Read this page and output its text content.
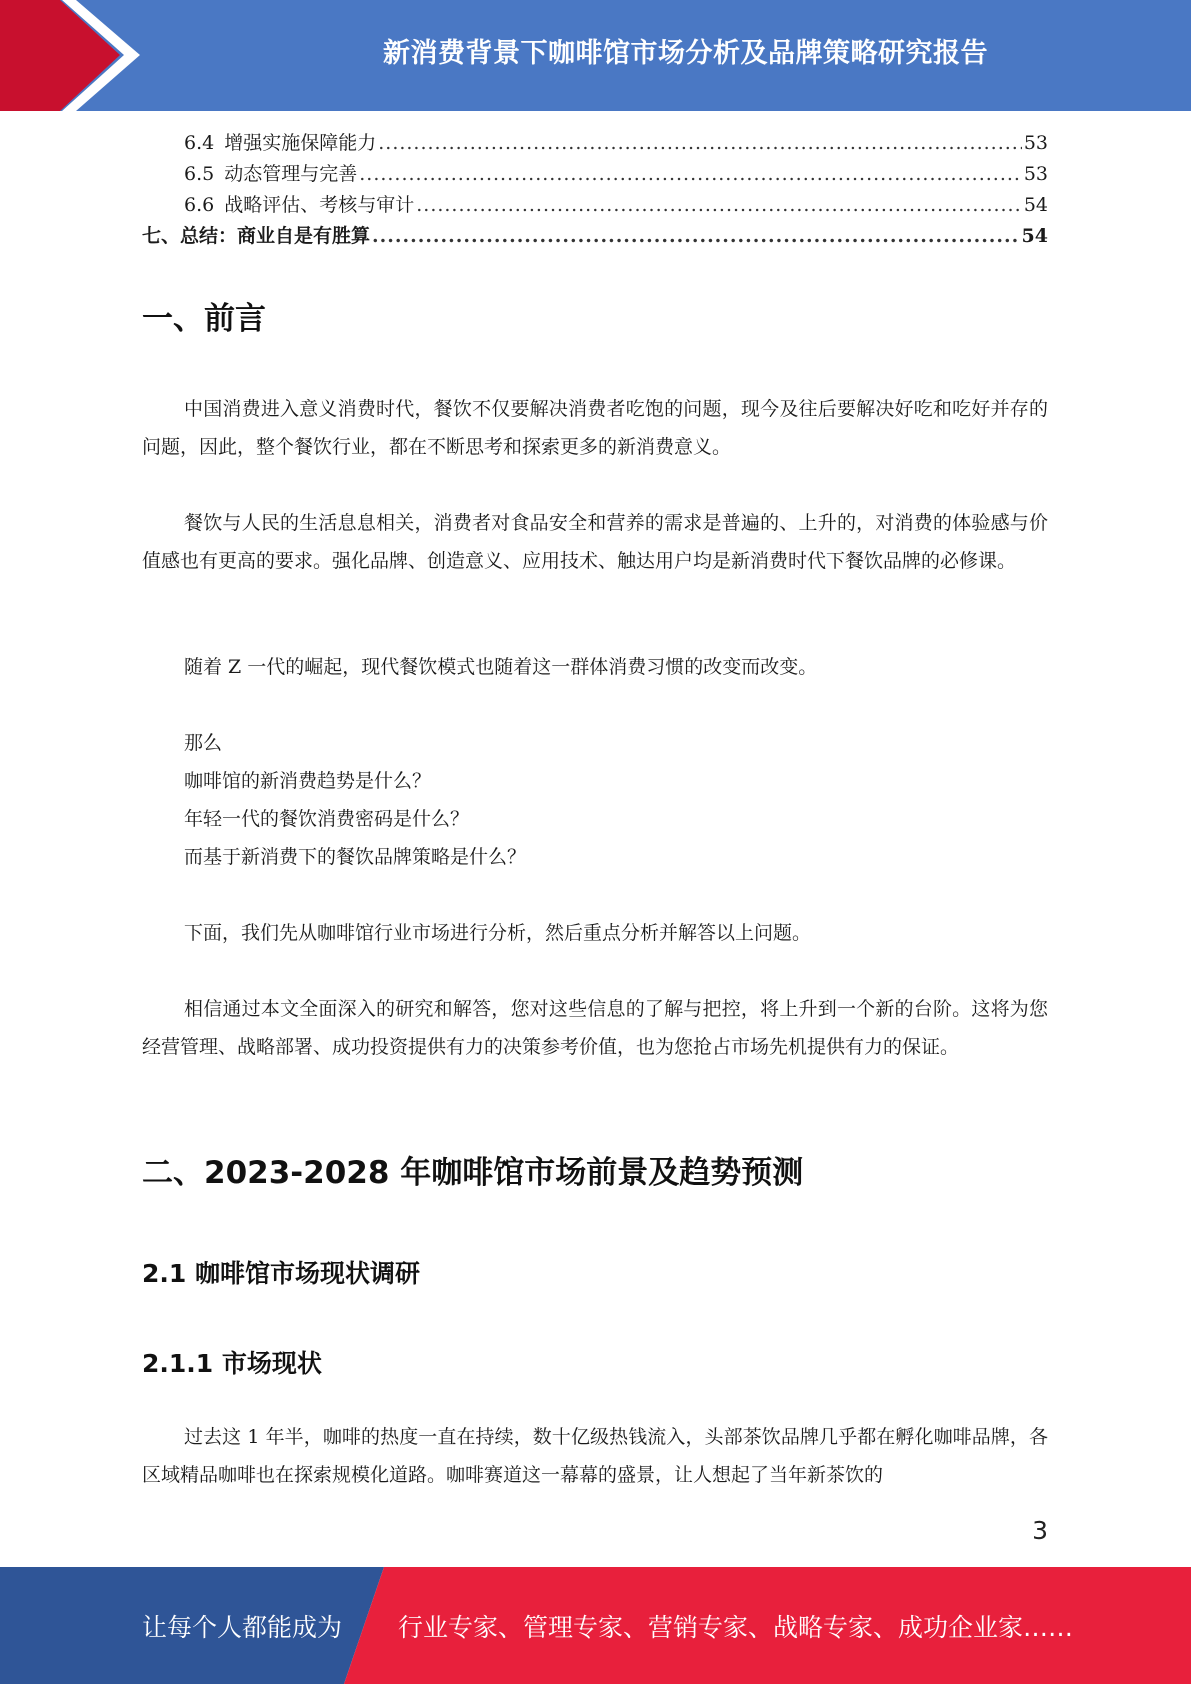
新消费背景下咖啡馆市场分析及品牌策略研究报告
6.4 增强实施保障能力 .....	53
6.5 动态管理与完善 .....	53
6.6 战略评估、考核与审计 .....	54
七、总结：商业自是有胜算 .....	54
一、前言

中国消费进入意义消费时代，餐饮不仅要解决消费者吃饱的问题，现今及往后要解决好吃和吃好并存的问题，因此，整个餐饮行业，都在不断思考和探索更多的新消费意义。

餐饮与人民的生活息息相关，消费者对食品安全和营养的需求是普遍的、上升的，对消费的体验感与价值感也有更高的要求。强化品牌、创造意义、应用技术、触达用户均是新消费时代下餐饮品牌的必修课。

随着 Z 一代的崛起，现代餐饮模式也随着这一群体消费习惯的改变而改变。

那么
咖啡馆的新消费趋势是什么？
年轻一代的餐饮消费密码是什么？
而基于新消费下的餐饮品牌策略是什么？

下面，我们先从咖啡馆行业市场进行分析，然后重点分析并解答以上问题。

相信通过本文全面深入的研究和解答，您对这些信息的了解与把控，将上升到一个新的台阶。这将为您经营管理、战略部署、成功投资提供有力的决策参考价值，也为您抢占市场先机提供有力的保证。

二、2023-2028 年咖啡馆市场前景及趋势预测
2.1 咖啡馆市场现状调研
2.1.1 市场现状

过去这 1 年半，咖啡的热度一直在持续，数十亿级热钱流入，头部茶饮品牌几乎都在孵化咖啡品牌，各区域精品咖啡也在探索规模化道路。咖啡赛道这一幕幕的盛景，让人想起了当年新茶饮的

3
让每个人都能成为 行业专家、管理专家、营销专家、战略专家、成功企业家……
